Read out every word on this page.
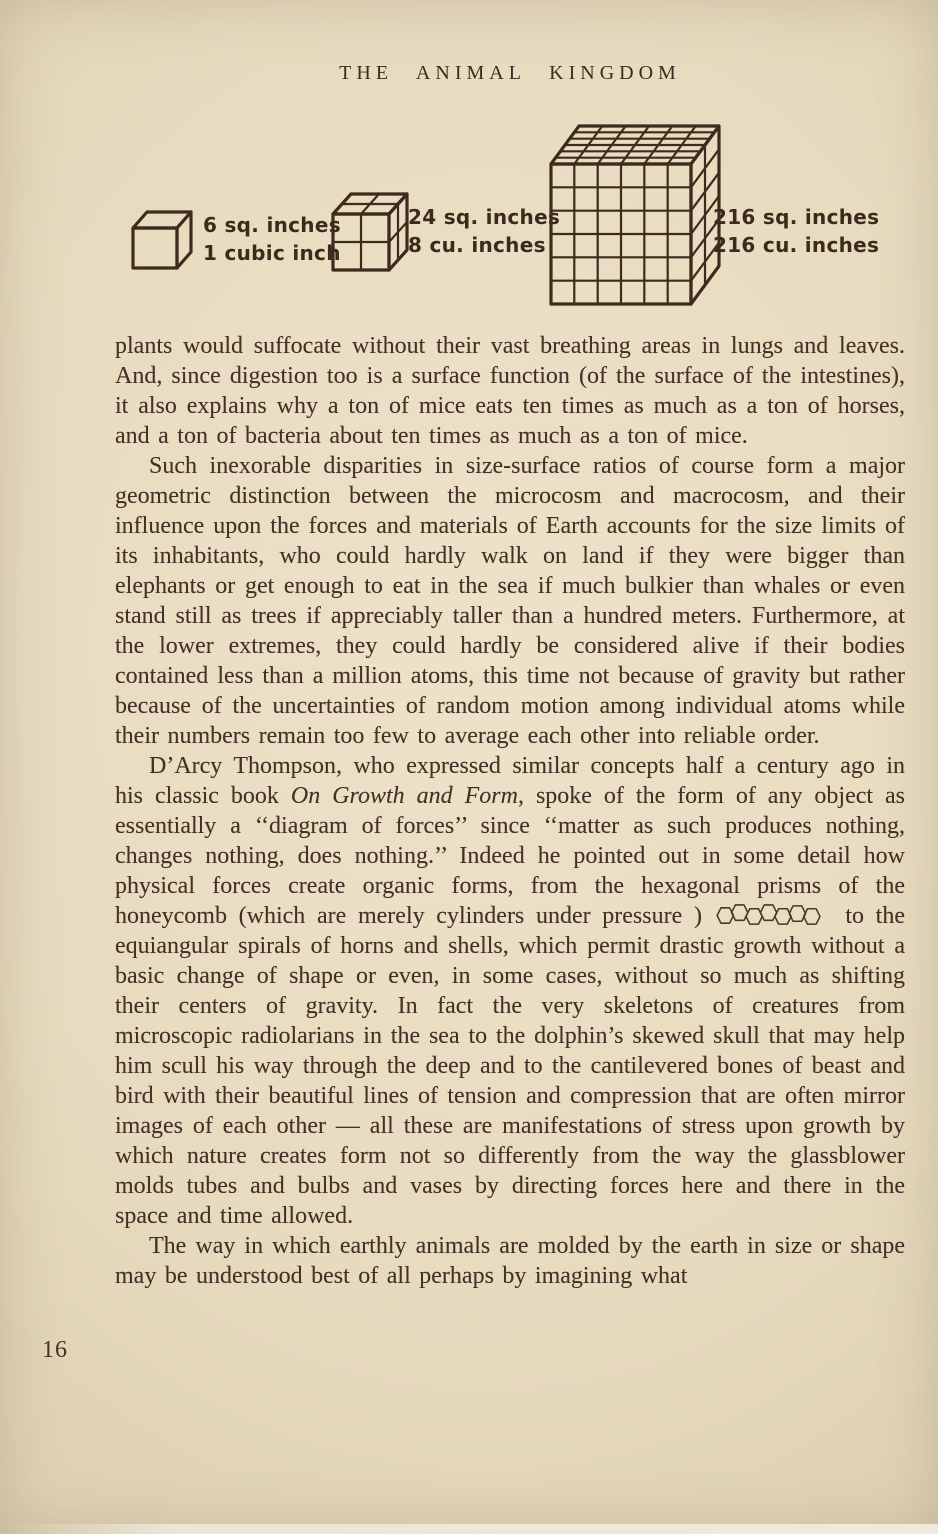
THE ANIMAL KINGDOM
6 sq. inches
1 cubic inch
24 sq. inches
8 cu. inches
216 sq. inches
216 cu. inches

plants would suffocate without their vast breathing areas in lungs and leaves. And, since digestion too is a surface function (of the surface of the intestines), it also explains why a ton of mice eats ten times as much as a ton of horses, and a ton of bacteria about ten times as much as a ton of mice.

Such inexorable disparities in size-surface ratios of course form a major geometric distinction between the microcosm and macrocosm, and their influence upon the forces and materials of Earth accounts for the size limits of its inhabitants, who could hardly walk on land if they were bigger than elephants or get enough to eat in the sea if much bulkier than whales or even stand still as trees if appreciably taller than a hundred meters. Furthermore, at the lower extremes, they could hardly be considered alive if their bodies contained less than a million atoms, this time not because of gravity but rather because of the uncertainties of random motion among individual atoms while their numbers remain too few to average each other into reliable order.

D’Arcy Thompson, who expressed similar concepts half a century ago in his classic book On Growth and Form, spoke of the form of any object as essentially a ‘‘diagram of forces’’ since ‘‘matter as such produces nothing, changes nothing, does nothing.’’ Indeed he pointed out in some detail how physical forces create organic forms, from the hexagonal prisms of the honeycomb (which are merely cylinders under pressure )	to the equiangular spirals of horns and shells, which permit drastic growth without a basic change of shape or even, in some cases, without so much as shifting their centers of gravity. In fact the very skeletons of creatures from microscopic radiolarians in the sea to the dolphin’s skewed skull that may help him scull his way through the deep and to the cantilevered bones of beast and bird with their beautiful lines of tension and compression that are often mirror images of each other — all these are manifestations of stress upon growth by which nature creates form not so differently from the way the glassblower molds tubes and bulbs and vases by directing forces here and there in the space and time allowed.

The way in which earthly animals are molded by the earth in size or shape may be understood best of all perhaps by imagining what

16
